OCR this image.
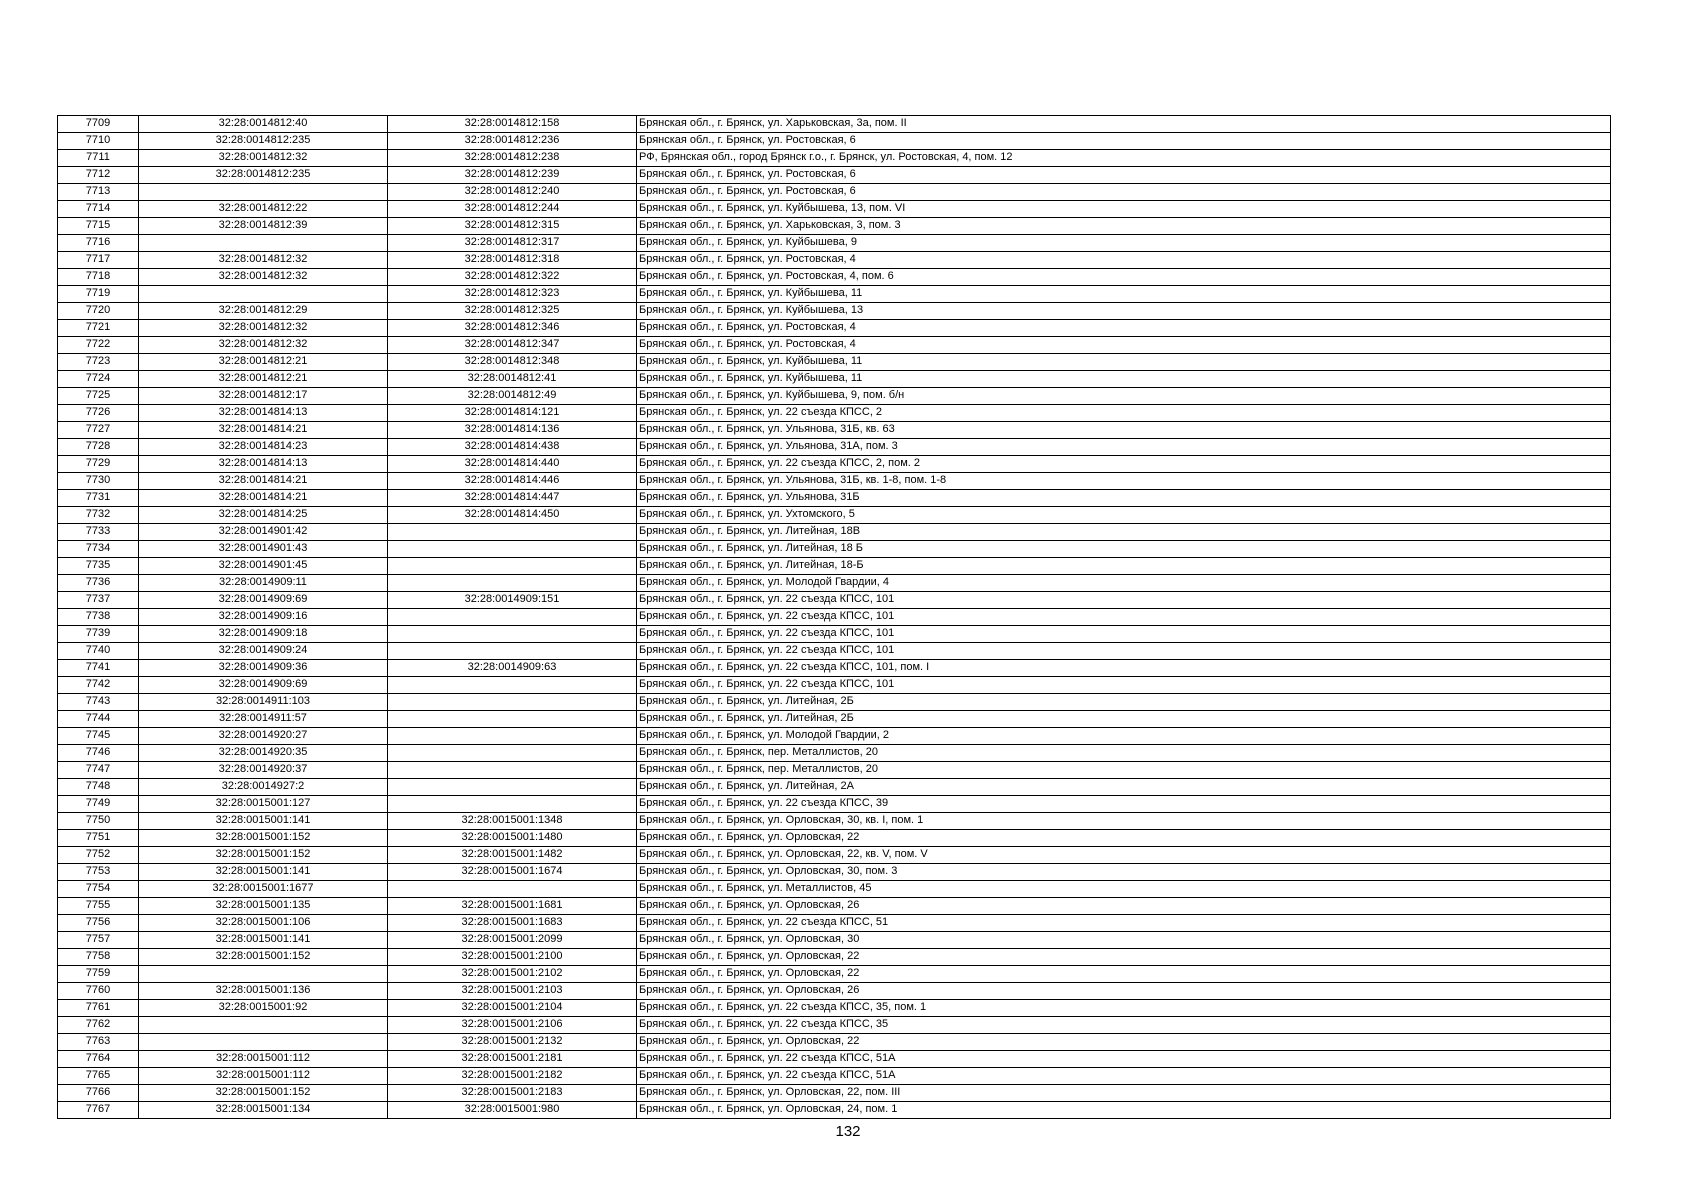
7709	32:28:0014812:40	32:28:0014812:158	Брянская обл., г. Брянск, ул. Харьковская, 3а, пом. II
7710	32:28:0014812:235	32:28:0014812:236	Брянская обл., г. Брянск, ул. Ростовская, 6
7711	32:28:0014812:32	32:28:0014812:238	РФ, Брянская обл., город Брянск г.о., г. Брянск, ул. Ростовская, 4, пом. 12
7712	32:28:0014812:235	32:28:0014812:239	Брянская обл., г. Брянск, ул. Ростовская, 6
7713		32:28:0014812:240	Брянская обл., г. Брянск, ул. Ростовская, 6
7714	32:28:0014812:22	32:28:0014812:244	Брянская обл., г. Брянск, ул. Куйбышева, 13, пом. VI
7715	32:28:0014812:39	32:28:0014812:315	Брянская обл., г. Брянск, ул. Харьковская, 3, пом. 3
7716		32:28:0014812:317	Брянская обл., г. Брянск, ул. Куйбышева, 9
7717	32:28:0014812:32	32:28:0014812:318	Брянская обл., г. Брянск, ул. Ростовская, 4
7718	32:28:0014812:32	32:28:0014812:322	Брянская обл., г. Брянск, ул. Ростовская, 4, пом. 6
7719		32:28:0014812:323	Брянская обл., г. Брянск, ул. Куйбышева, 11
7720	32:28:0014812:29	32:28:0014812:325	Брянская обл., г. Брянск, ул. Куйбышева, 13
7721	32:28:0014812:32	32:28:0014812:346	Брянская обл., г. Брянск, ул. Ростовская, 4
7722	32:28:0014812:32	32:28:0014812:347	Брянская обл., г. Брянск, ул. Ростовская, 4
7723	32:28:0014812:21	32:28:0014812:348	Брянская обл., г. Брянск, ул. Куйбышева, 11
7724	32:28:0014812:21	32:28:0014812:41	Брянская обл., г. Брянск, ул. Куйбышева, 11
7725	32:28:0014812:17	32:28:0014812:49	Брянская обл., г. Брянск, ул. Куйбышева, 9, пом. б/н
7726	32:28:0014814:13	32:28:0014814:121	Брянская обл., г. Брянск, ул. 22 съезда КПСС, 2
7727	32:28:0014814:21	32:28:0014814:136	Брянская обл., г. Брянск, ул. Ульянова, 31Б, кв. 63
7728	32:28:0014814:23	32:28:0014814:438	Брянская обл., г. Брянск, ул. Ульянова, 31А, пом. 3
7729	32:28:0014814:13	32:28:0014814:440	Брянская обл., г. Брянск, ул. 22 съезда КПСС, 2, пом. 2
7730	32:28:0014814:21	32:28:0014814:446	Брянская обл., г. Брянск, ул. Ульянова, 31Б, кв. 1-8, пом. 1-8
7731	32:28:0014814:21	32:28:0014814:447	Брянская обл., г. Брянск, ул. Ульянова, 31Б
7732	32:28:0014814:25	32:28:0014814:450	Брянская обл., г. Брянск, ул. Ухтомского, 5
7733	32:28:0014901:42		Брянская обл., г. Брянск, ул. Литейная, 18В
7734	32:28:0014901:43		Брянская обл., г. Брянск, ул. Литейная, 18 Б
7735	32:28:0014901:45		Брянская обл., г. Брянск, ул. Литейная, 18-Б
7736	32:28:0014909:11		Брянская обл., г. Брянск, ул. Молодой Гвардии, 4
7737	32:28:0014909:69	32:28:0014909:151	Брянская обл., г. Брянск, ул. 22 съезда КПСС, 101
7738	32:28:0014909:16		Брянская обл., г. Брянск, ул. 22 съезда КПСС, 101
7739	32:28:0014909:18		Брянская обл., г. Брянск, ул. 22 съезда КПСС, 101
7740	32:28:0014909:24		Брянская обл., г. Брянск, ул. 22 съезда КПСС, 101
7741	32:28:0014909:36	32:28:0014909:63	Брянская обл., г. Брянск, ул. 22 съезда КПСС, 101, пом. I
7742	32:28:0014909:69		Брянская обл., г. Брянск, ул. 22 съезда КПСС, 101
7743	32:28:0014911:103		Брянская обл., г. Брянск, ул. Литейная, 2Б
7744	32:28:0014911:57		Брянская обл., г. Брянск, ул. Литейная, 2Б
7745	32:28:0014920:27		Брянская обл., г. Брянск, ул. Молодой Гвардии, 2
7746	32:28:0014920:35		Брянская обл., г. Брянск, пер. Металлистов, 20
7747	32:28:0014920:37		Брянская обл., г. Брянск, пер. Металлистов, 20
7748	32:28:0014927:2		Брянская обл., г. Брянск, ул. Литейная, 2А
7749	32:28:0015001:127		Брянская обл., г. Брянск, ул. 22 съезда КПСС, 39
7750	32:28:0015001:141	32:28:0015001:1348	Брянская обл., г. Брянск, ул. Орловская, 30, кв. I, пом. 1
7751	32:28:0015001:152	32:28:0015001:1480	Брянская обл., г. Брянск, ул. Орловская, 22
7752	32:28:0015001:152	32:28:0015001:1482	Брянская обл., г. Брянск, ул. Орловская, 22, кв. V, пом. V
7753	32:28:0015001:141	32:28:0015001:1674	Брянская обл., г. Брянск, ул. Орловская, 30, пом. 3
7754	32:28:0015001:1677		Брянская обл., г. Брянск, ул. Металлистов, 45
7755	32:28:0015001:135	32:28:0015001:1681	Брянская обл., г. Брянск, ул. Орловская, 26
7756	32:28:0015001:106	32:28:0015001:1683	Брянская обл., г. Брянск, ул. 22 съезда КПСС, 51
7757	32:28:0015001:141	32:28:0015001:2099	Брянская обл., г. Брянск, ул. Орловская, 30
7758	32:28:0015001:152	32:28:0015001:2100	Брянская обл., г. Брянск, ул. Орловская, 22
7759		32:28:0015001:2102	Брянская обл., г. Брянск, ул. Орловская, 22
7760	32:28:0015001:136	32:28:0015001:2103	Брянская обл., г. Брянск, ул. Орловская, 26
7761	32:28:0015001:92	32:28:0015001:2104	Брянская обл., г. Брянск, ул. 22 съезда КПСС, 35, пом. 1
7762		32:28:0015001:2106	Брянская обл., г. Брянск, ул. 22 съезда КПСС, 35
7763		32:28:0015001:2132	Брянская обл., г. Брянск, ул. Орловская, 22
7764	32:28:0015001:112	32:28:0015001:2181	Брянская обл., г. Брянск, ул. 22 съезда КПСС, 51А
7765	32:28:0015001:112	32:28:0015001:2182	Брянская обл., г. Брянск, ул. 22 съезда КПСС, 51А
7766	32:28:0015001:152	32:28:0015001:2183	Брянская обл., г. Брянск, ул. Орловская, 22, пом. III
7767	32:28:0015001:134	32:28:0015001:980	Брянская обл., г. Брянск, ул. Орловская, 24, пом. 1
132
